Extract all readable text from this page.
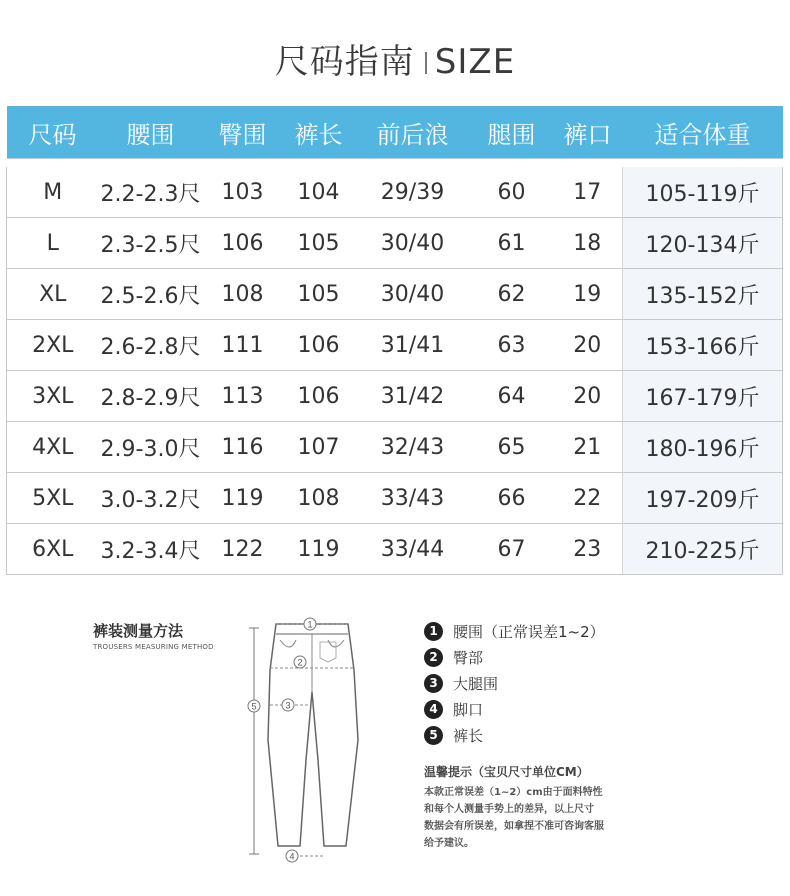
尺码指南 SIZE
尺码	腰围	臀围	裤长	前后浪	腿围	裤口	适合体重

M	2.2-2.3尺	103	104	29/39	60	17	105-119斤
L	2.3-2.5尺	106	105	30/40	61	18	120-134斤
XL	2.5-2.6尺	108	105	30/40	62	19	135-152斤
2XL	2.6-2.8尺	111	106	31/41	63	20	153-166斤
3XL	2.8-2.9尺	113	106	31/42	64	20	167-179斤
4XL	2.9-3.0尺	116	107	32/43	65	21	180-196斤
5XL	3.0-3.2尺	119	108	33/43	66	22	197-209斤
6XL	3.2-3.4尺	122	119	33/44	67	23	210-225斤
裤装测量方法
TROUSERS MEASURING METHOD
1
2
3
4
5
1	腰围（正常误差1~2）
2	臀部
3	大腿围
4	脚口
5	裤长
温馨提示（宝贝尺寸单位CM）
本款正常误差（1~2）cm由于面料特性
和每个人测量手势上的差异，以上尺寸
数据会有所误差，如拿捏不准可咨询客服
给予建议。
